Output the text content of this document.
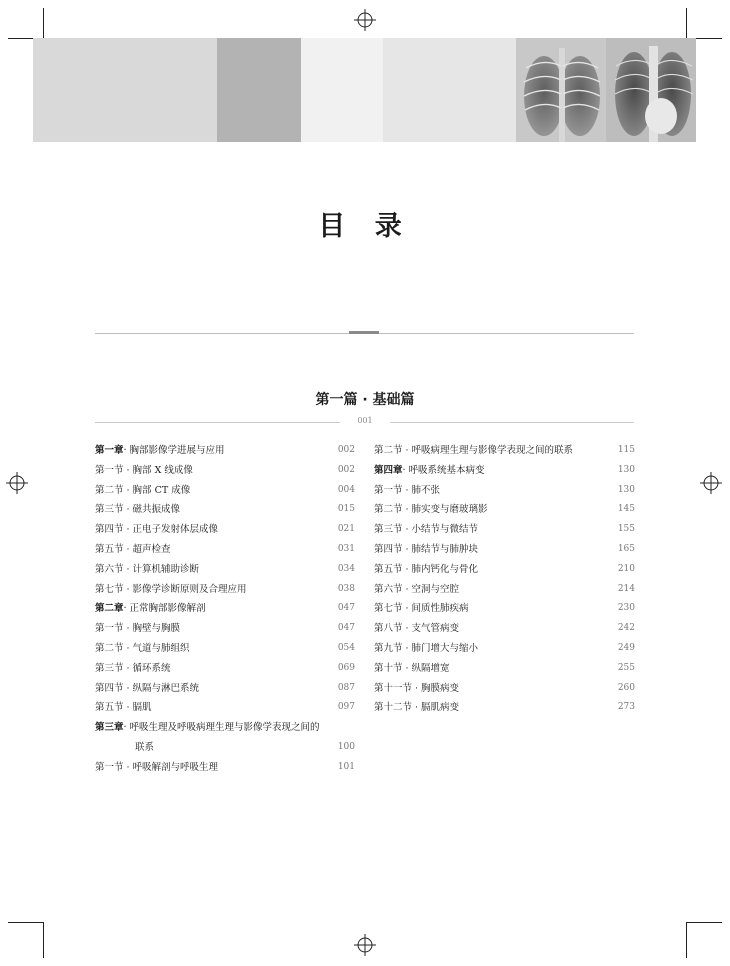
目 录
第一篇 · 基础篇
001
第一章· 胸部影像学进展与应用	002
第一节 · 胸部 X 线成像	002
第二节 · 胸部 CT 成像	004
第三节 · 磁共振成像	015
第四节 · 正电子发射体层成像	021
第五节 · 超声检查	031
第六节 · 计算机辅助诊断	034
第七节 · 影像学诊断原则及合理应用	038
第二章· 正常胸部影像解剖	047
第一节 · 胸壁与胸膜	047
第二节 · 气道与肺组织	054
第三节 · 循环系统	069
第四节 · 纵隔与淋巴系统	087
第五节 · 膈肌	097
第三章· 呼吸生理及呼吸病理生理与影像学表现之间的
联系	100
第一节 · 呼吸解剖与呼吸生理	101
第二节 · 呼吸病理生理与影像学表现之间的联系	115
第四章· 呼吸系统基本病变	130
第一节 · 肺不张	130
第二节 · 肺实变与磨玻璃影	145
第三节 · 小结节与微结节	155
第四节 · 肺结节与肺肿块	165
第五节 · 肺内钙化与骨化	210
第六节 · 空洞与空腔	214
第七节 · 间质性肺疾病	230
第八节 · 支气管病变	242
第九节 · 肺门增大与缩小	249
第十节 · 纵隔增宽	255
第十一节 · 胸膜病变	260
第十二节 · 膈肌病变	273
